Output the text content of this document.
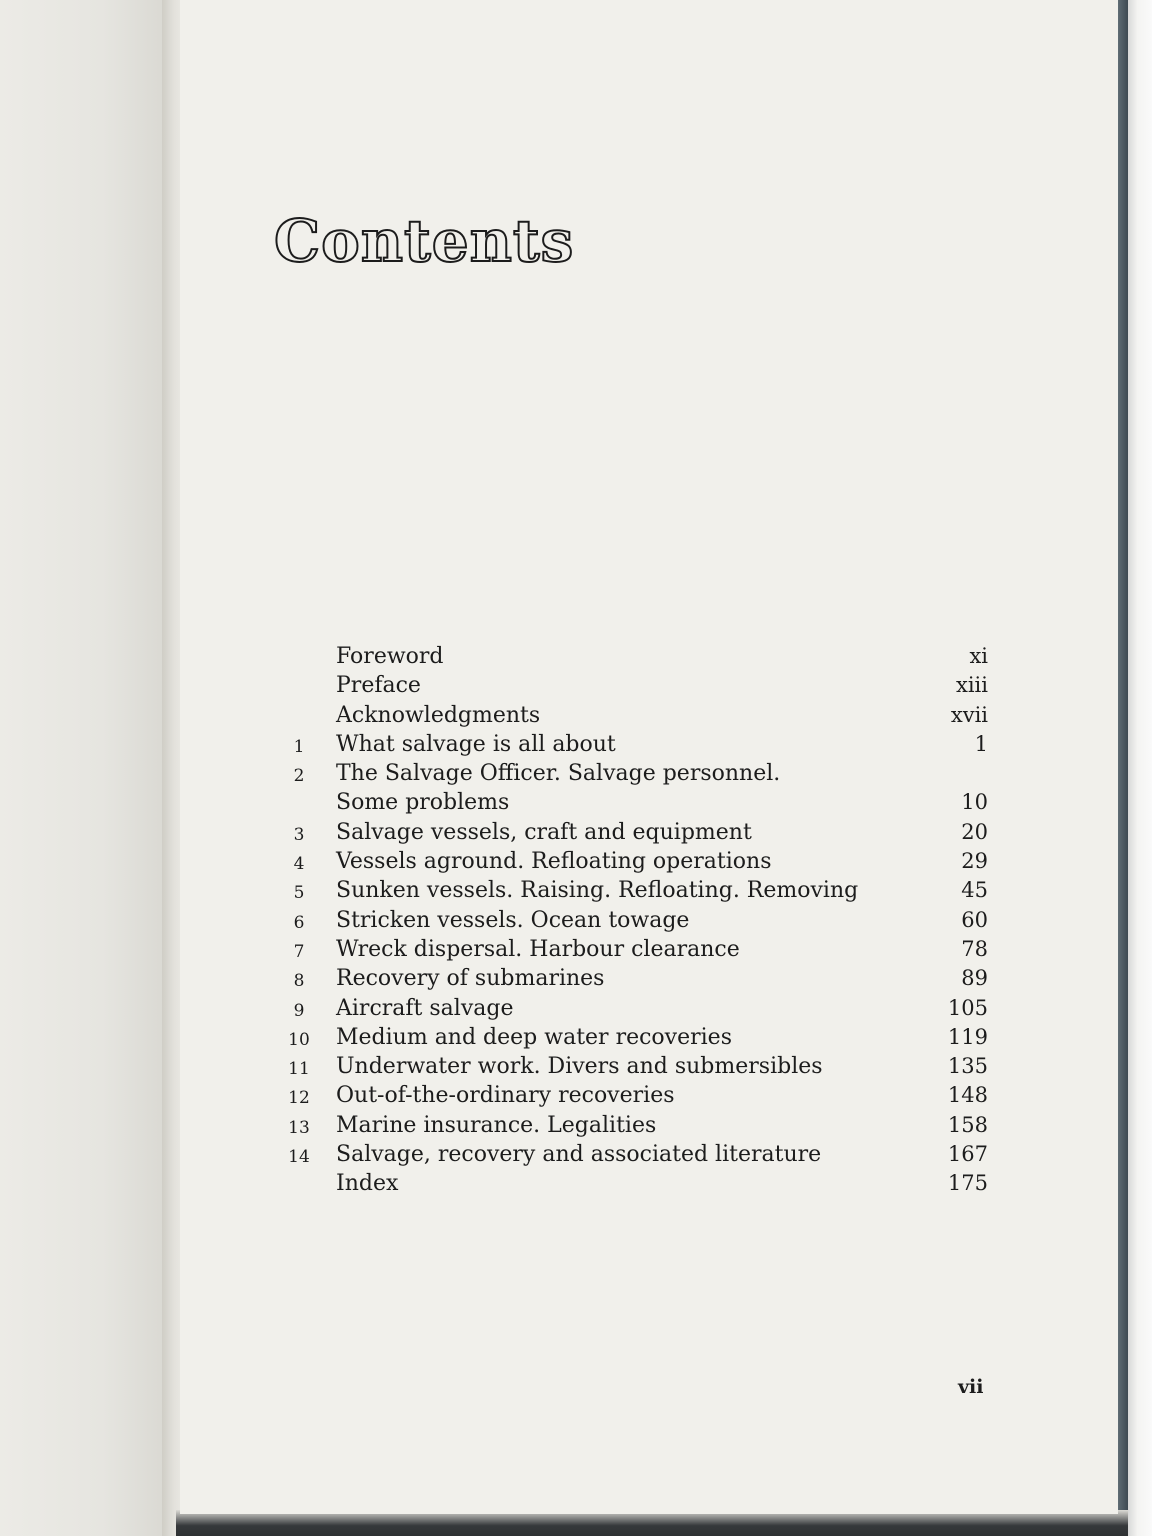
Contents
Foreword	xi
Preface	xiii
Acknowledgments	xvii
1	What salvage is all about	1
2	The Salvage Officer. Salvage personnel.
Some problems	10
3	Salvage vessels, craft and equipment	20
4	Vessels aground. Refloating operations	29
5	Sunken vessels. Raising. Refloating. Removing	45
6	Stricken vessels. Ocean towage	60
7	Wreck dispersal. Harbour clearance	78
8	Recovery of submarines	89
9	Aircraft salvage	105
10 Medium and deep water recoveries	119
11 Underwater work. Divers and submersibles	135
12 Out-of-the-ordinary recoveries	148
13 Marine insurance. Legalities	158
14 Salvage, recovery and associated literature	167
Index	175
vii
